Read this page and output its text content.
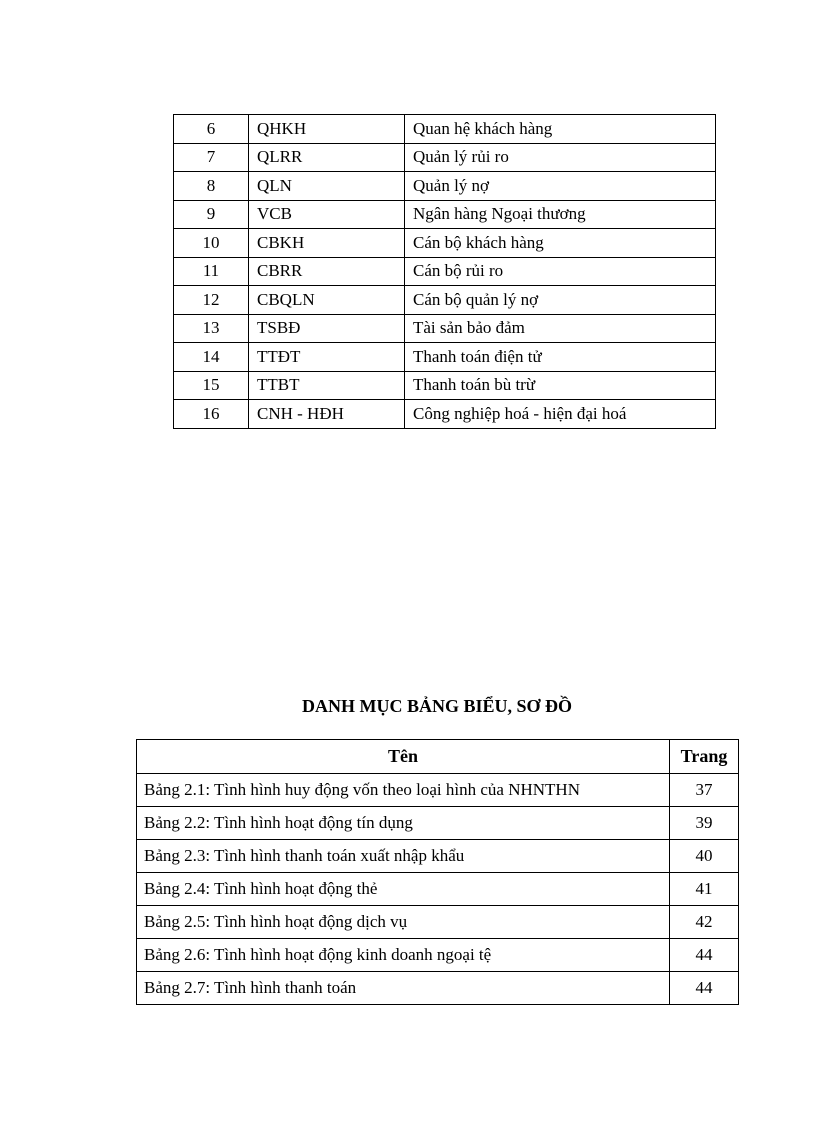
6	QHKH	Quan hệ khách hàng
7	QLRR	Quản lý rủi ro
8	QLN	Quản lý nợ
9	VCB	Ngân hàng Ngoại thương
10	CBKH	Cán bộ khách hàng
11	CBRR	Cán bộ rủi ro
12	CBQLN	Cán bộ quản lý nợ
13	TSBĐ	Tài sản bảo đảm
14	TTĐT	Thanh toán điện tử
15	TTBT	Thanh toán bù trừ
16	CNH - HĐH	Công nghiệp hoá - hiện đại hoá
DANH MỤC BẢNG BIỂU, SƠ ĐỒ
Tên	Trang
Bảng 2.1: Tình hình huy động vốn theo loại hình của NHNTHN	37
Bảng 2.2: Tình hình hoạt động tín dụng	39
Bảng 2.3: Tình hình thanh toán xuất nhập khẩu	40
Bảng 2.4: Tình hình hoạt động thẻ	41
Bảng 2.5: Tình hình hoạt động dịch vụ	42
Bảng 2.6: Tình hình hoạt động kinh doanh ngoại tệ	44
Bảng 2.7: Tình hình thanh toán	44
